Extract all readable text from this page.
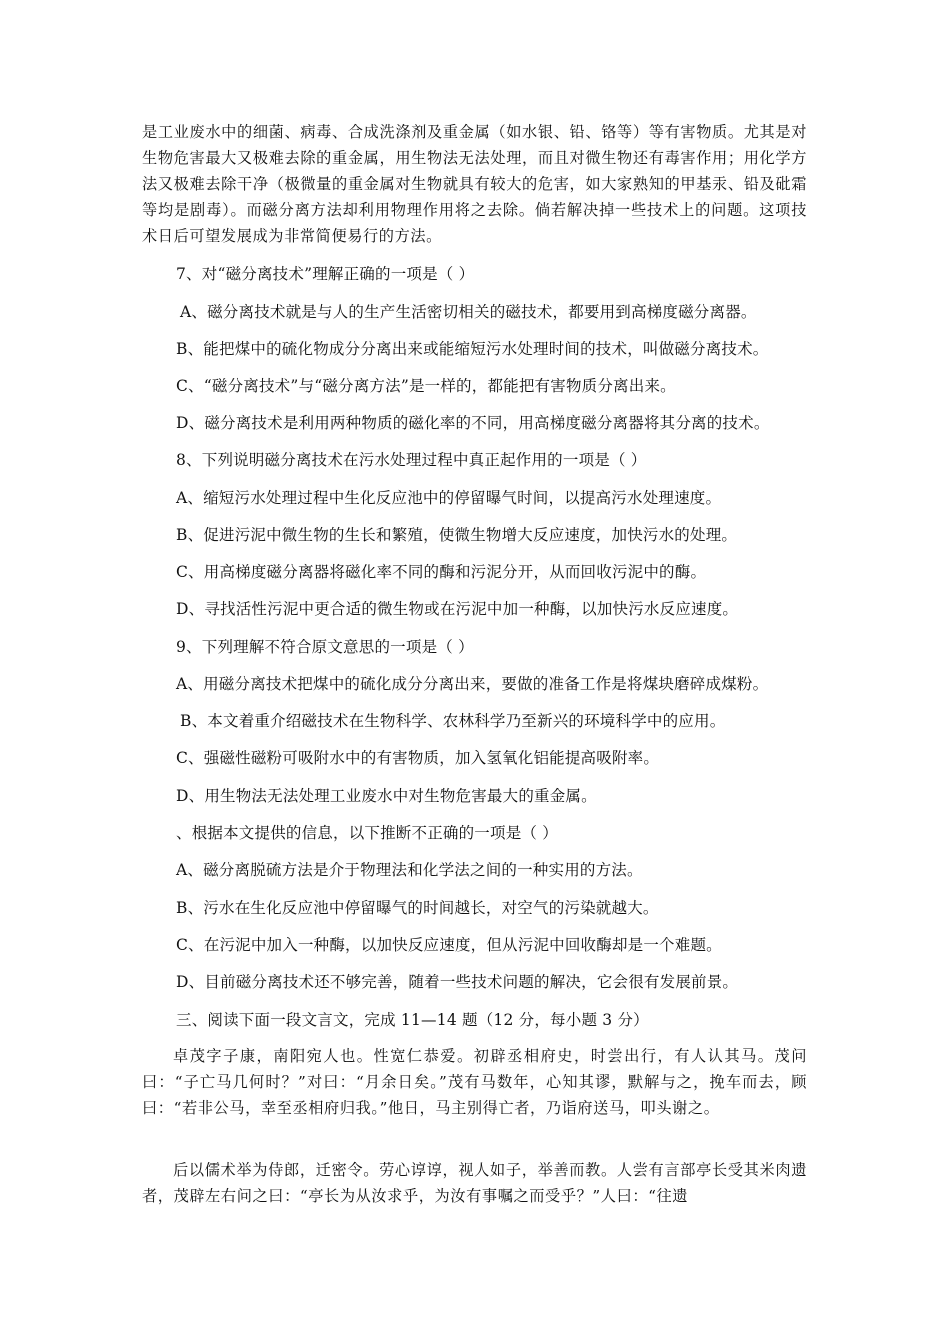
是工业废水中的细菌、病毒、合成洗涤剂及重金属（如水银、铅、铬等）等有害物质。尤其是对生物危害最大又极难去除的重金属，用生物法无法处理，而且对微生物还有毒害作用；用化学方法又极难去除干净（极微量的重金属对生物就具有较大的危害，如大家熟知的甲基汞、铅及砒霜等均是剧毒）。而磁分离方法却利用物理作用将之去除。倘若解决掉一些技术上的问题。这项技术日后可望发展成为非常简便易行的方法。
7、对“磁分离技术”理解正确的一项是（ ）
A、磁分离技术就是与人的生产生活密切相关的磁技术，都要用到高梯度磁分离器。
B、能把煤中的硫化物成分分离出来或能缩短污水处理时间的技术，叫做磁分离技术。
C、“磁分离技术”与“磁分离方法”是一样的，都能把有害物质分离出来。
D、磁分离技术是利用两种物质的磁化率的不同，用高梯度磁分离器将其分离的技术。
8、下列说明磁分离技术在污水处理过程中真正起作用的一项是（ ）
A、缩短污水处理过程中生化反应池中的停留曝气时间，以提高污水处理速度。
B、促进污泥中微生物的生长和繁殖，使微生物增大反应速度，加快污水的处理。
C、用高梯度磁分离器将磁化率不同的酶和污泥分开，从而回收污泥中的酶。
D、寻找活性污泥中更合适的微生物或在污泥中加一种酶，以加快污水反应速度。
9、下列理解不符合原文意思的一项是（ ）
A、用磁分离技术把煤中的硫化成分分离出来，要做的准备工作是将煤块磨碎成煤粉。
B、本文着重介绍磁技术在生物科学、农林科学乃至新兴的环境科学中的应用。
C、强磁性磁粉可吸附水中的有害物质，加入氢氧化铝能提高吸附率。
D、用生物法无法处理工业废水中对生物危害最大的重金属。
、根据本文提供的信息，以下推断不正确的一项是（ ）
A、磁分离脱硫方法是介于物理法和化学法之间的一种实用的方法。
B、污水在生化反应池中停留曝气的时间越长，对空气的污染就越大。
C、在污泥中加入一种酶，以加快反应速度，但从污泥中回收酶却是一个难题。
D、目前磁分离技术还不够完善，随着一些技术问题的解决，它会很有发展前景。
三、阅读下面一段文言文，完成 11—14 题（12 分，每小题 3 分）
卓茂字子康，南阳宛人也。性宽仁恭爱。初辟丞相府史，时尝出行，有人认其马。茂问曰：“子亡马几何时？”对曰：“月余日矣。”茂有马数年，心知其谬，默解与之，挽车而去，顾曰：“若非公马，幸至丞相府归我。”他日，马主别得亡者，乃诣府送马，叩头谢之。
后以儒术举为侍郎，迁密令。劳心谆谆，视人如子，举善而教。人尝有言部亭长受其米肉遗者，茂辟左右问之曰：“亭长为从汝求乎，为汝有事嘱之而受乎？”人曰：“往遗
